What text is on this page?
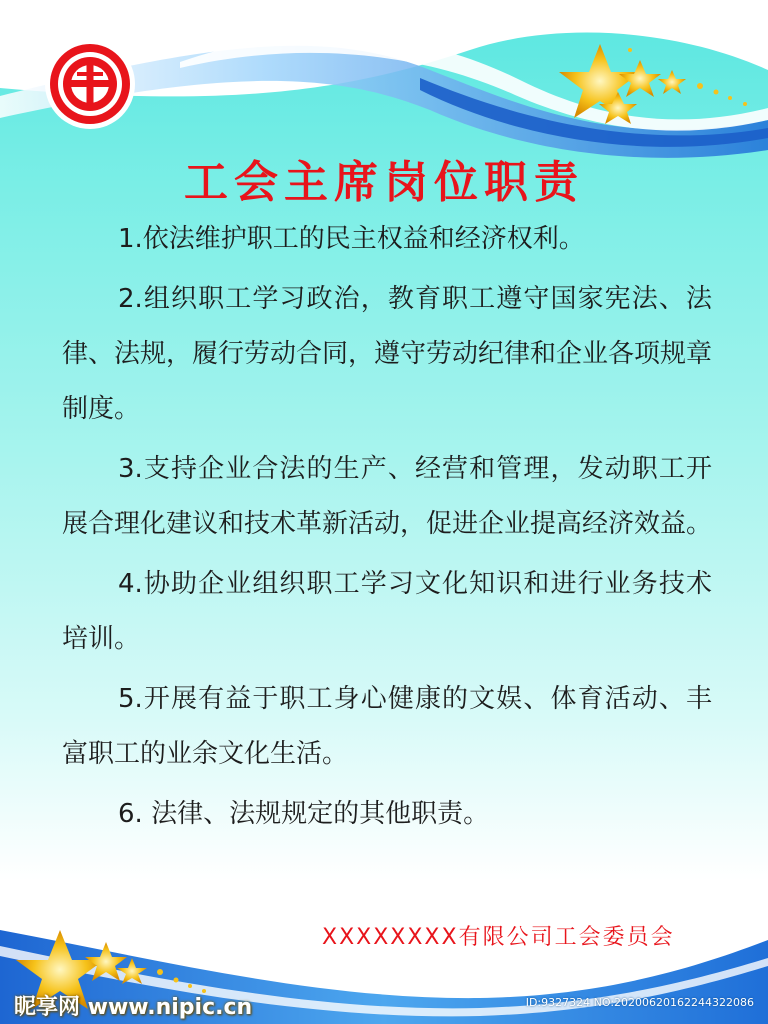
工会主席岗位职责

1.依法维护职工的民主权益和经济权利。

2.组织职工学习政治，教育职工遵守国家宪法、法律、法规，履行劳动合同，遵守劳动纪律和企业各项规章制度。

3.支持企业合法的生产、经营和管理，发动职工开展合理化建议和技术革新活动，促进企业提高经济效益。

4.协助企业组织职工学习文化知识和进行业务技术培训。

5.开展有益于职工身心健康的文娱、体育活动、丰富职工的业余文化生活。

6. 法律、法规规定的其他职责。

XXXXXXXX有限公司工会委员会
昵享网 www.nipic.cn	ID:9327324 NO:20200620162244322086
